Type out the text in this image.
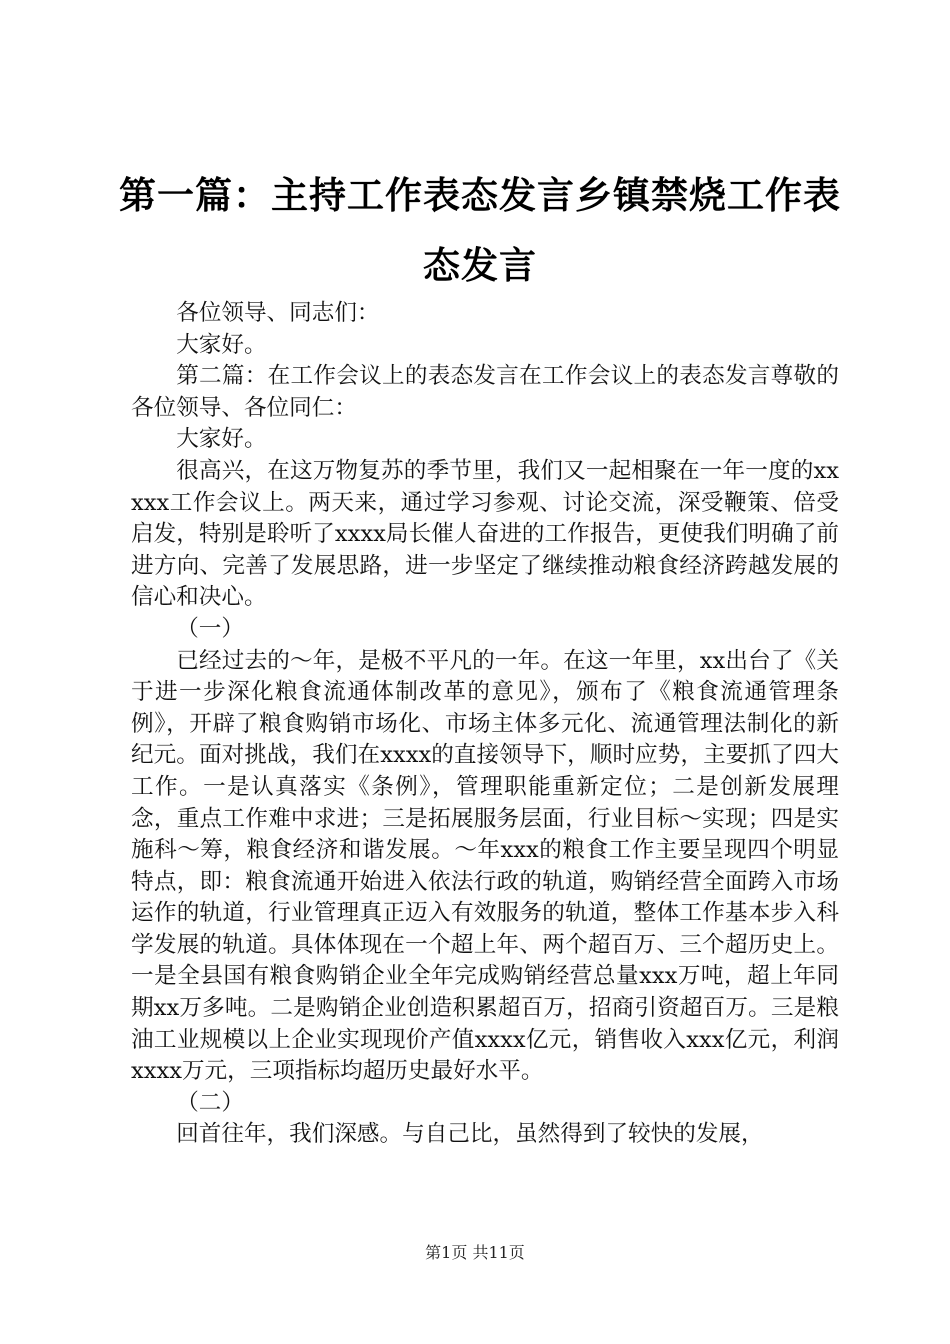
第一篇：主持工作表态发言乡镇禁烧工作表态发言

各位领导、同志们：

大家好。

第二篇：在工作会议上的表态发言在工作会议上的表态发言尊敬的各位领导、各位同仁：

大家好。

很高兴，在这万物复苏的季节里，我们又一起相聚在一年一度的xxxxx工作会议上。两天来，通过学习参观、讨论交流，深受鞭策、倍受启发，特别是聆听了xxxx局长催人奋进的工作报告，更使我们明确了前进方向、完善了发展思路，进一步坚定了继续推动粮食经济跨越发展的信心和决心。

（一）

已经过去的～年，是极不平凡的一年。在这一年里，xx出台了《关于进一步深化粮食流通体制改革的意见》，颁布了《粮食流通管理条例》，开辟了粮食购销市场化、市场主体多元化、流通管理法制化的新纪元。面对挑战，我们在xxxx的直接领导下，顺时应势，主要抓了四大工作。一是认真落实《条例》，管理职能重新定位；二是创新发展理念，重点工作难中求进；三是拓展服务层面，行业目标～实现；四是实施科～筹，粮食经济和谐发展。～年xxx的粮食工作主要呈现四个明显特点，即：粮食流通开始进入依法行政的轨道，购销经营全面跨入市场运作的轨道，行业管理真正迈入有效服务的轨道，整体工作基本步入科学发展的轨道。具体体现在一个超上年、两个超百万、三个超历史上。一是全县国有粮食购销企业全年完成购销经营总量xxx万吨，超上年同期xx万多吨。二是购销企业创造积累超百万，招商引资超百万。三是粮油工业规模以上企业实现现价产值xxxx亿元，销售收入xxx亿元，利润xxxx万元，三项指标均超历史最好水平。

（二）

回首往年，我们深感。与自己比，虽然得到了较快的发展，

第1页 共11页
